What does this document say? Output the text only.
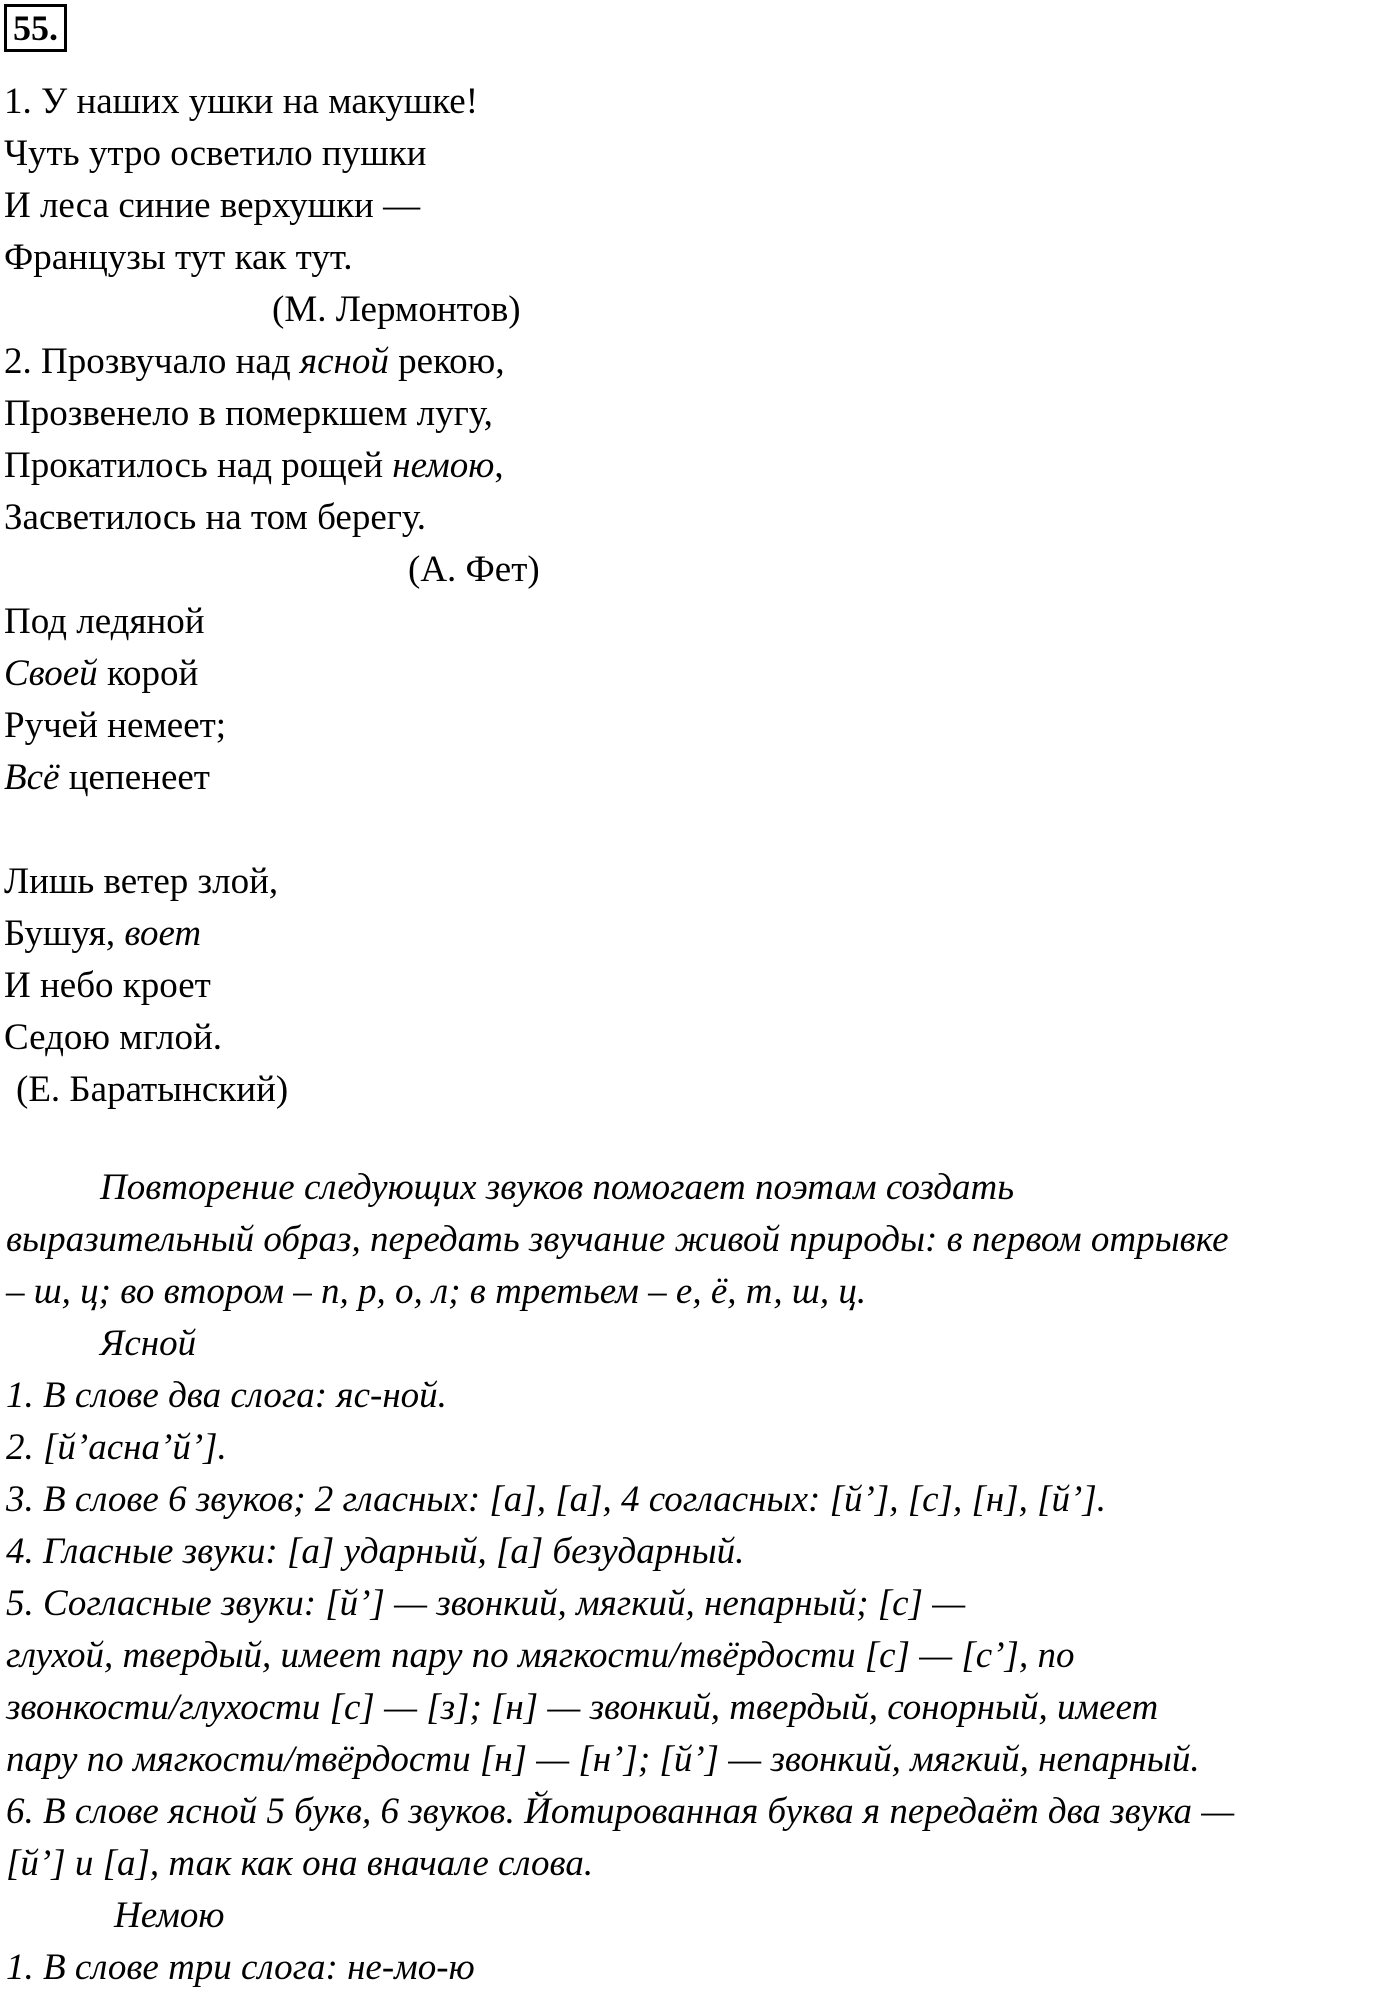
55.
1. У наших ушки на макушке!
Чуть утро осветило пушки
И леса синие верхушки —
Французы тут как тут.
(М. Лермонтов)
2. Прозвучало над ясной рекою,
Прозвенело в померкшем лугу,
Прокатилось над рощей немою,
Засветилось на том берегу.
(А. Фет)
Под ледяной
Своей корой
Ручей немеет;
Всё цепенеет
Лишь ветер злой,
Бушуя, воет
И небо кроет
Седою мглой.
(Е. Баратынский)
Повторение следующих звуков помогает поэтам создать
выразительный образ, передать звучание живой природы: в первом отрывке
– ш, ц; во втором – п, р, о, л; в третьем – е, ё, т, ш, ц.
Ясной
1. В слове два слога: яс-ной.
2. [й’асна’й’].
3. В слове 6 звуков; 2 гласных: [а], [а], 4 согласных: [й’], [с], [н], [й’].
4. Гласные звуки: [а] ударный, [а] безударный.
5. Согласные звуки: [й’] — звонкий, мягкий, непарный; [с] —
глухой, твердый, имеет пару по мягкости/твёрдости [с] — [с’], по
звонкости/глухости [с] — [з]; [н] — звонкий, твердый, сонорный, имеет
пару по мягкости/твёрдости [н] — [н’]; [й’] — звонкий, мягкий, непарный.
6. В слове ясной 5 букв, 6 звуков. Йотированная буква я передаёт два звука —
[й’] и [а], так как она вначале слова.
Немою
1. В слове три слога: не-мо-ю
